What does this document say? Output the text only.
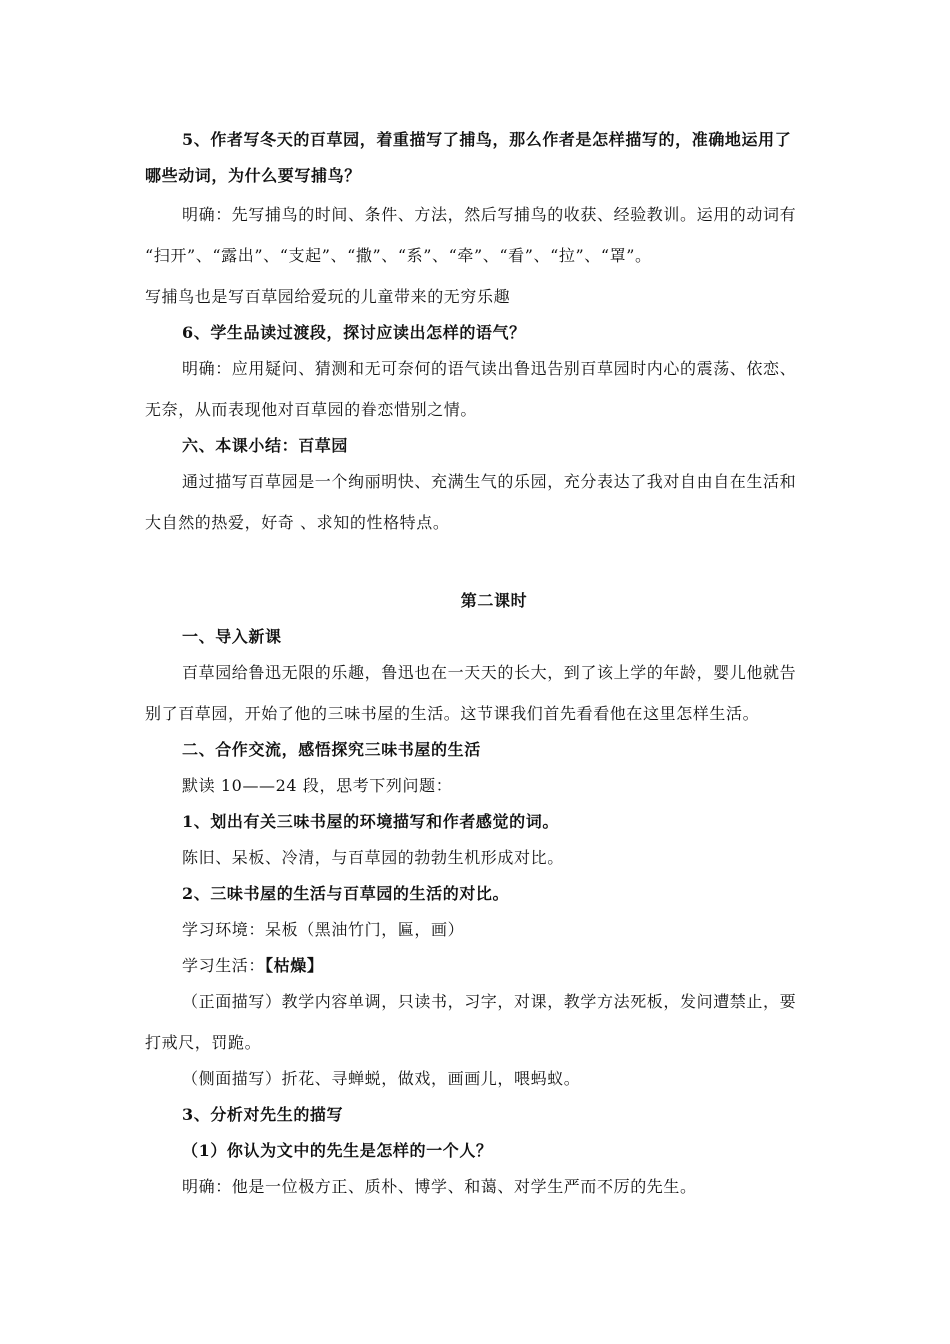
5、作者写冬天的百草园，着重描写了捕鸟，那么作者是怎样描写的，准确地运用了
哪些动词，为什么要写捕鸟？
明确：先写捕鸟的时间、条件、方法，然后写捕鸟的收获、经验教训。运用的动词有
“扫开”、“露出”、“支起”、“撒”、“系”、“牵”、“看”、“拉”、“罩”。
写捕鸟也是写百草园给爱玩的儿童带来的无穷乐趣
6、学生品读过渡段，探讨应读出怎样的语气？
明确：应用疑问、猜测和无可奈何的语气读出鲁迅告别百草园时内心的震荡、依恋、
无奈，从而表现他对百草园的眷恋惜别之情。
六、本课小结：百草园
通过描写百草园是一个绚丽明快、充满生气的乐园，充分表达了我对自由自在生活和
大自然的热爱，好奇 、求知的性格特点。
第二课时
一、导入新课
百草园给鲁迅无限的乐趣，鲁迅也在一天天的长大，到了该上学的年龄，婴儿他就告
别了百草园，开始了他的三味书屋的生活。这节课我们首先看看他在这里怎样生活。
二、合作交流，感悟探究三味书屋的生活
默读 10——24 段，思考下列问题：
1、划出有关三味书屋的环境描写和作者感觉的词。
陈旧、呆板、冷清，与百草园的勃勃生机形成对比。
2、三味书屋的生活与百草园的生活的对比。
学习环境：呆板（黑油竹门，匾，画）
学习生活：【枯燥】
（正面描写）教学内容单调，只读书，习字，对课，教学方法死板，发问遭禁止，要
打戒尺，罚跪。
（侧面描写）折花、寻蝉蜕，做戏，画画儿，喂蚂蚁。
3、分析对先生的描写
（1）你认为文中的先生是怎样的一个人？
明确：他是一位极方正、质朴、博学、和蔼、对学生严而不厉的先生。
